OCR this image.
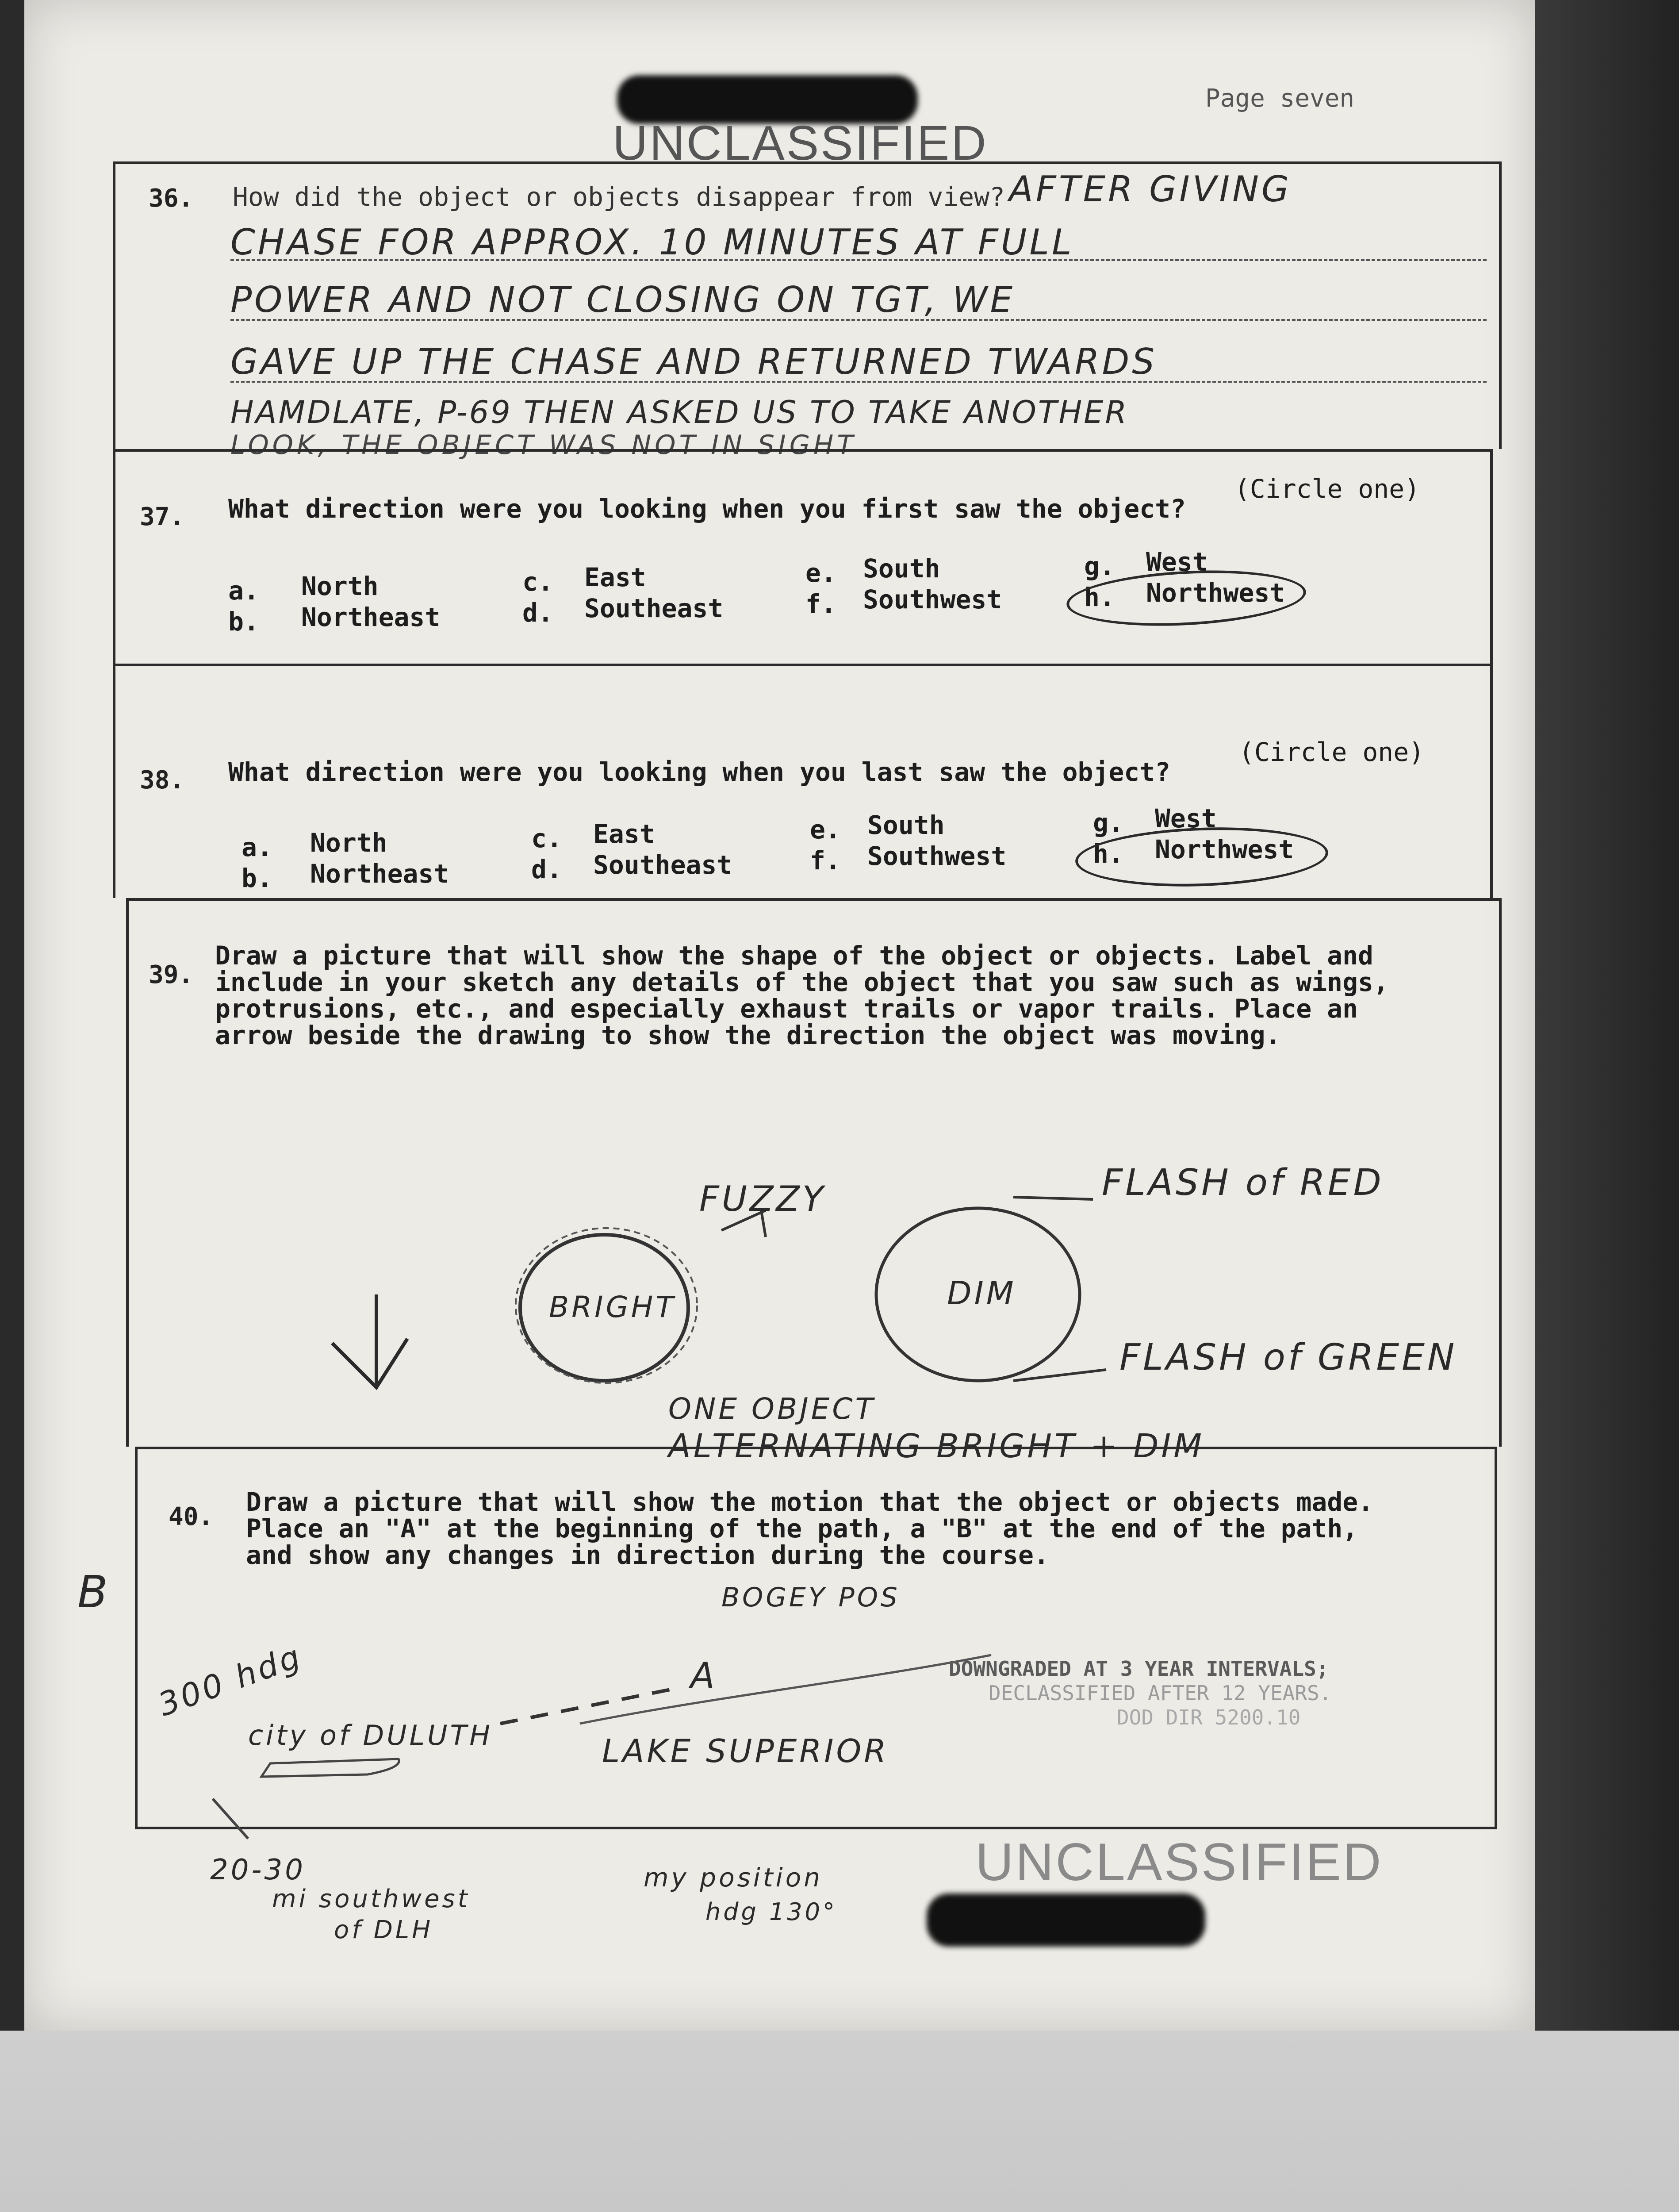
UNCLASSIFIED
Page seven
36. How did the object or objects disappear from view? AFTER GIVING
CHASE FOR APPROX. 10 MINUTES AT FULL
POWER AND NOT CLOSING ON TGT, WE
GAVE UP THE CHASE AND RETURNED TWARDS
HAMDLATE, P-69 THEN ASKED US TO TAKE ANOTHER
LOOK, THE OBJECT WAS NOT IN SIGHT
37. What direction were you looking when you first saw the object?
(Circle one)
a. North
b. Northeast
c. East
d. Southeast
e. South
f. Southwest
g. West
h. Northwest
38. What direction were you looking when you last saw the object?
(Circle one)
a. North
b. Northeast
c. East
d. Southeast
e. South
f. Southwest
g. West
h. Northwest
39.
Draw a picture that will show the shape of the object or objects. Label and
include in your sketch any details of the object that you saw such as wings,
protrusions, etc., and especially exhaust trails or vapor trails. Place an
arrow beside the drawing to show the direction the object was moving.
FUZZY
BRIGHT	DIM
FLASH of RED
FLASH of GREEN
ONE OBJECT
ALTERNATING BRIGHT + DIM
40. Draw a picture that will show the motion that the object or objects made.
Place an "A" at the beginning of the path, a "B" at the end of the path,
and show any changes in direction during the course.
BOGEY POS
300 hdg	A
city of DULUTH	LAKE SUPERIOR
B
20-30
mi southwest
of DLH
my position
hdg 130°
DOWNGRADED AT 3 YEAR INTERVALS;
DECLASSIFIED AFTER 12 YEARS.
DOD DIR 5200.10
UNCLASSIFIED
